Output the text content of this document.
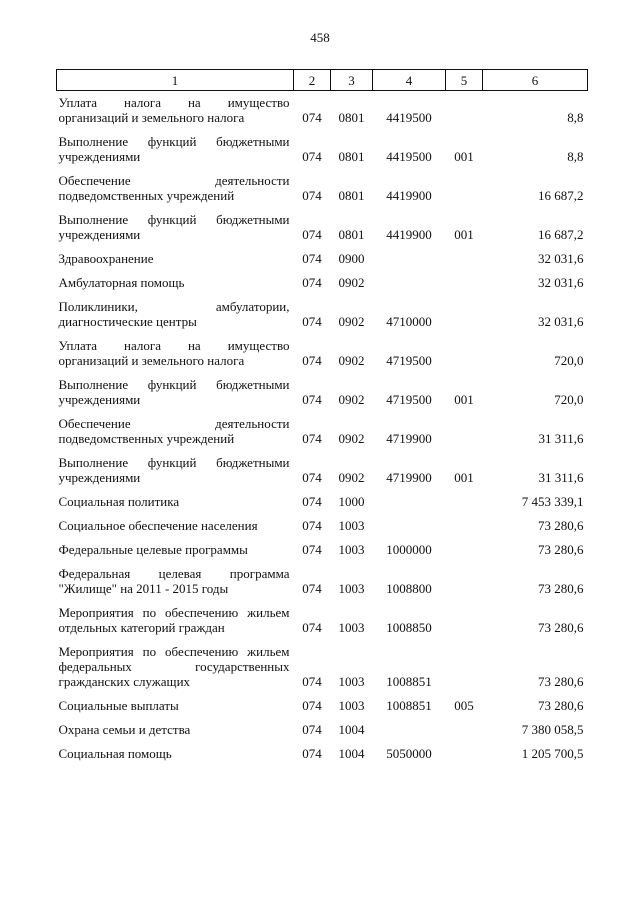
458
1	2	3	4	5	6
Уплата налога на имущество организаций и земельного налога	074	0801	4419500		8,8
Выполнение функций бюджетными учреждениями	074	0801	4419500	001	8,8
Обеспечение деятельности подведомственных учреждений	074	0801	4419900		16 687,2
Выполнение функций бюджетными учреждениями	074	0801	4419900	001	16 687,2
Здравоохранение	074	0900			32 031,6
Амбулаторная помощь	074	0902			32 031,6
Поликлиники, амбулатории, диагностические центры	074	0902	4710000		32 031,6
Уплата налога на имущество организаций и земельного налога	074	0902	4719500		720,0
Выполнение функций бюджетными учреждениями	074	0902	4719500	001	720,0
Обеспечение деятельности подведомственных учреждений	074	0902	4719900		31 311,6
Выполнение функций бюджетными учреждениями	074	0902	4719900	001	31 311,6
Социальная политика	074	1000			7 453 339,1
Социальное обеспечение населения	074	1003			73 280,6
Федеральные целевые программы	074	1003	1000000		73 280,6
Федеральная целевая программа "Жилище" на 2011 - 2015 годы	074	1003	1008800		73 280,6
Мероприятия по обеспечению жильем отдельных категорий граждан	074	1003	1008850		73 280,6
Мероприятия по обеспечению жильем федеральных государственных гражданских служащих	074	1003	1008851		73 280,6
Социальные выплаты	074	1003	1008851	005	73 280,6
Охрана семьи и детства	074	1004			7 380 058,5
Социальная помощь	074	1004	5050000		1 205 700,5
